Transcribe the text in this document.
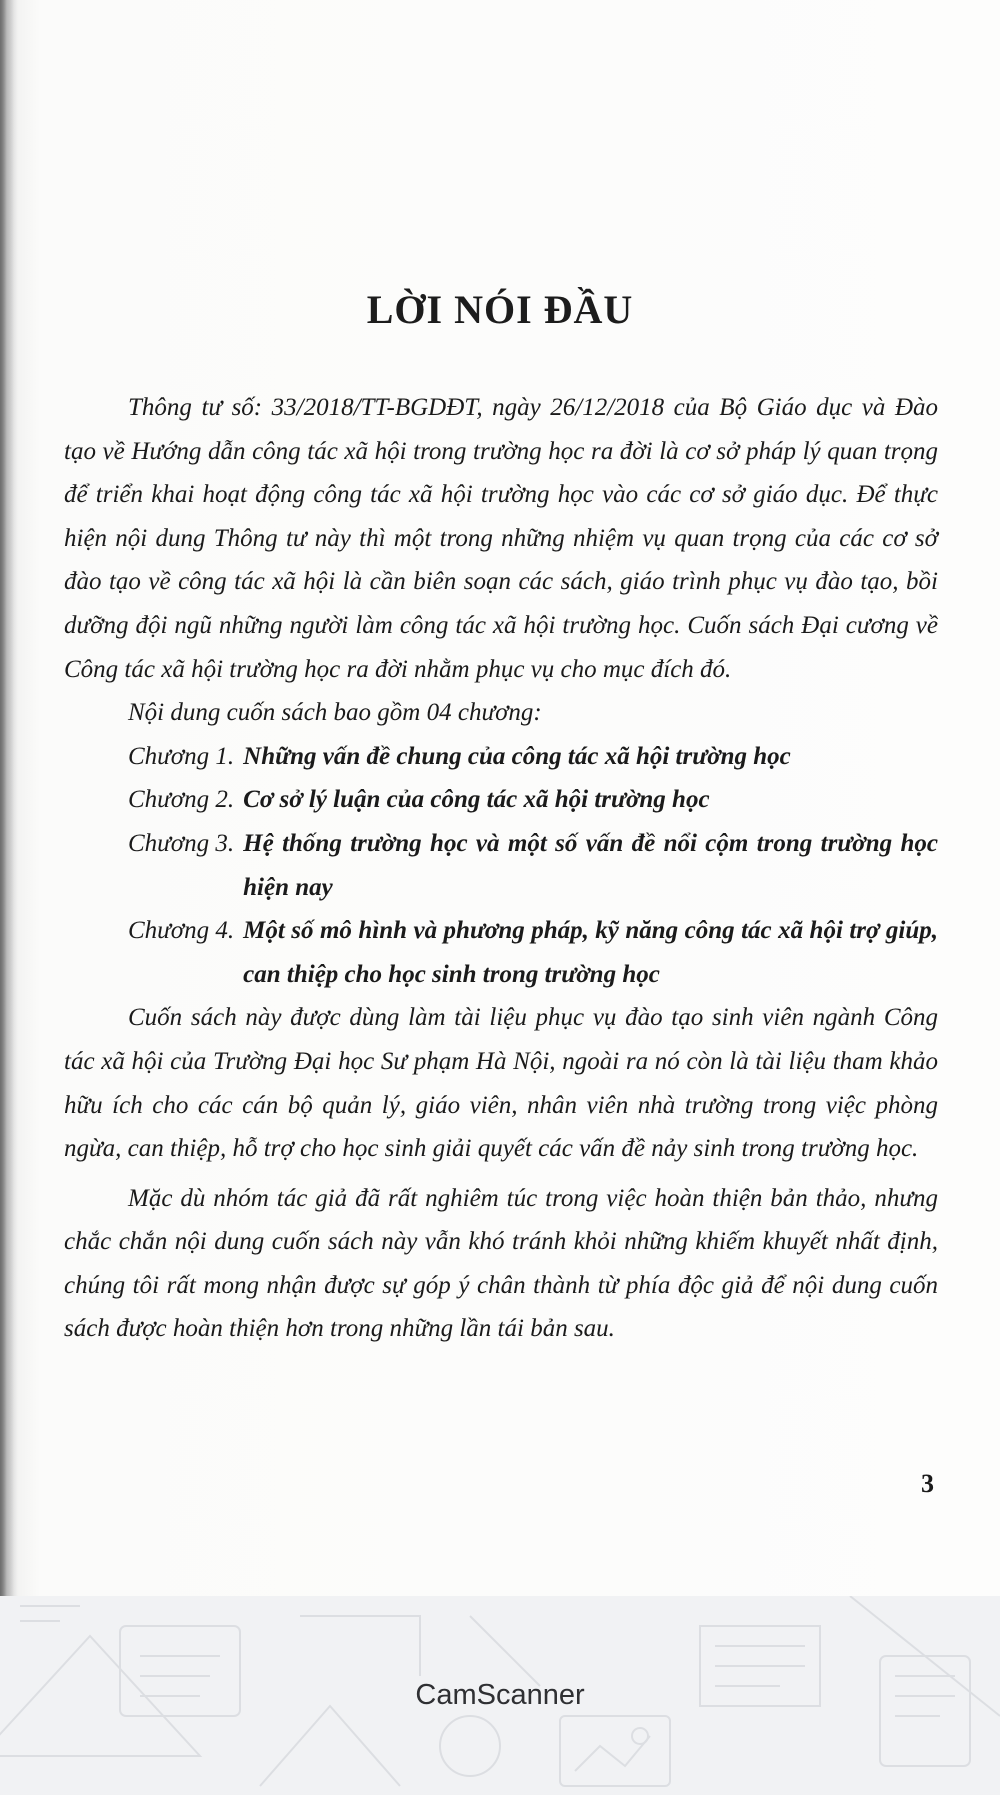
LỜI NÓI ĐẦU

Thông tư số: 33/2018/TT-BGDĐT, ngày 26/12/2018 của Bộ Giáo dục và Đào tạo về Hướng dẫn công tác xã hội trong trường học ra đời là cơ sở pháp lý quan trọng để triển khai hoạt động công tác xã hội trường học vào các cơ sở giáo dục. Để thực hiện nội dung Thông tư này thì một trong những nhiệm vụ quan trọng của các cơ sở đào tạo về công tác xã hội là cần biên soạn các sách, giáo trình phục vụ đào tạo, bồi dưỡng đội ngũ những người làm công tác xã hội trường học. Cuốn sách Đại cương về Công tác xã hội trường học ra đời nhằm phục vụ cho mục đích đó.

Nội dung cuốn sách bao gồm 04 chương:

Chương 1. Những vấn đề chung của công tác xã hội trường học
Chương 2. Cơ sở lý luận của công tác xã hội trường học
Chương 3. Hệ thống trường học và một số vấn đề nổi cộm trong trường học hiện nay
Chương 4. Một số mô hình và phương pháp, kỹ năng công tác xã hội trợ giúp, can thiệp cho học sinh trong trường học

Cuốn sách này được dùng làm tài liệu phục vụ đào tạo sinh viên ngành Công tác xã hội của Trường Đại học Sư phạm Hà Nội, ngoài ra nó còn là tài liệu tham khảo hữu ích cho các cán bộ quản lý, giáo viên, nhân viên nhà trường trong việc phòng ngừa, can thiệp, hỗ trợ cho học sinh giải quyết các vấn đề nảy sinh trong trường học.

Mặc dù nhóm tác giả đã rất nghiêm túc trong việc hoàn thiện bản thảo, nhưng chắc chắn nội dung cuốn sách này vẫn khó tránh khỏi những khiếm khuyết nhất định, chúng tôi rất mong nhận được sự góp ý chân thành từ phía độc giả để nội dung cuốn sách được hoàn thiện hơn trong những lần tái bản sau.

3
CamScanner
